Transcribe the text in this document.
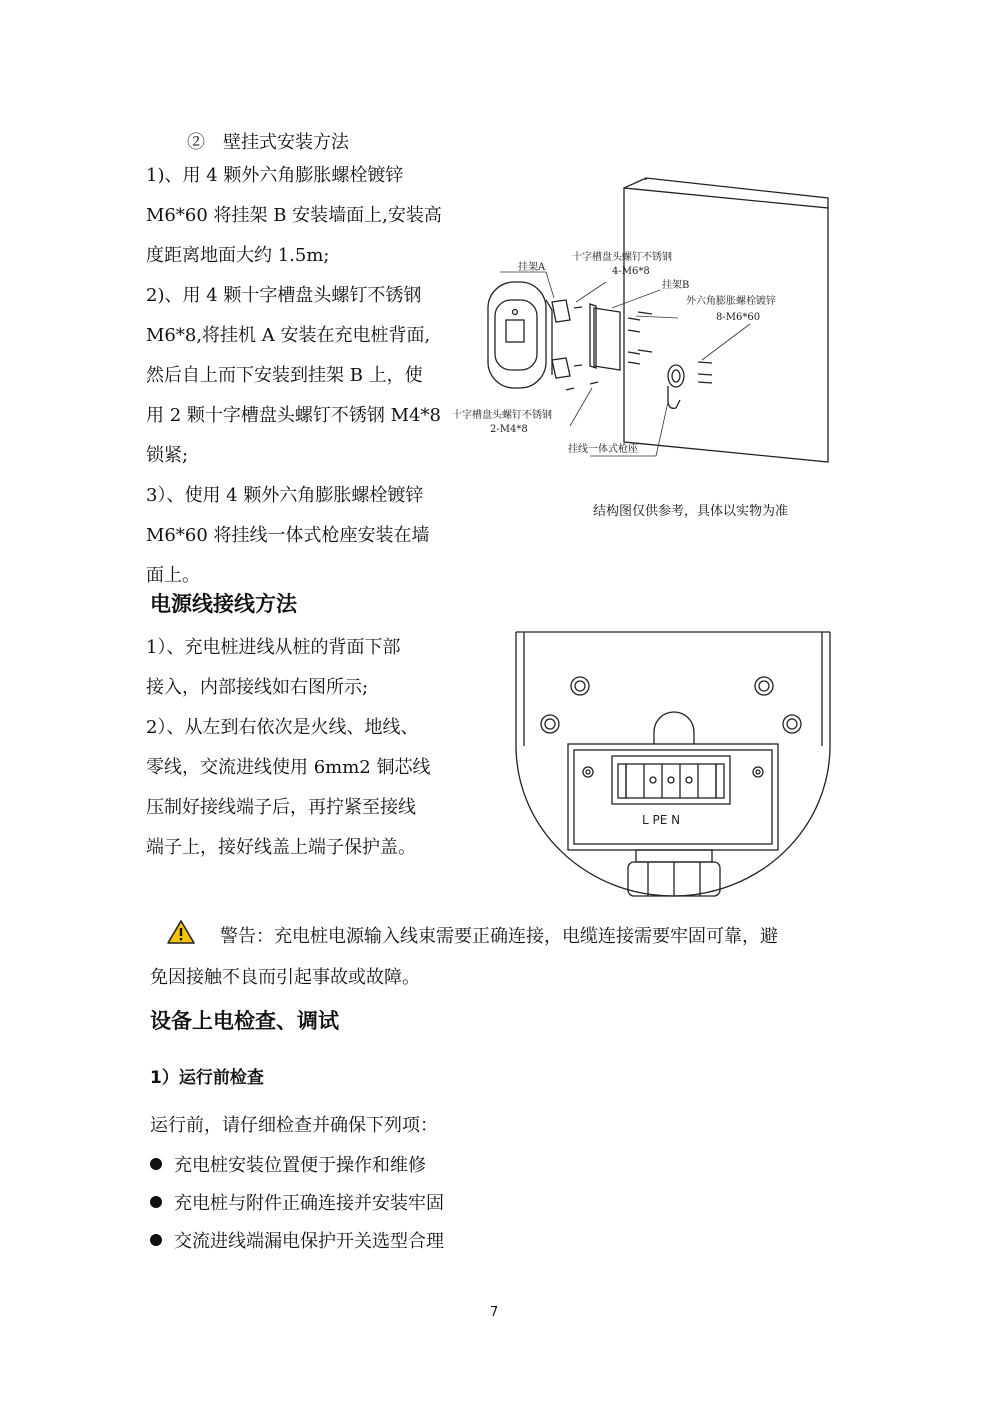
②　壁挂式安装方法
1)、用 4 颗外六角膨胀螺栓镀锌
M6*60 将挂架 B 安装墙面上,安装高
度距离地面大约 1.5m;
2)、用 4 颗十字槽盘头螺钉不锈钢
M6*8,将挂机 A 安装在充电桩背面,
然后自上而下安装到挂架 B 上，使
用 2 颗十字槽盘头螺钉不锈钢 M4*8
锁紧;
3）、使用 4 颗外六角膨胀螺栓镀锌
M6*60 将挂线一体式枪座安装在墙
面上。
挂架A
十字槽盘头螺钉不锈钢
4-M6*8
挂架B
外六角膨胀螺栓镀锌
8-M6*60
十字槽盘头螺钉不锈钢
2-M4*8
挂线一体式枪座
结构图仅供参考，具体以实物为准
电源线接线方法
1）、充电桩进线从桩的背面下部
接入，内部接线如右图所示;
2）、从左到右依次是火线、地线、
零线，交流进线使用 6mm2 铜芯线
压制好接线端子后，再拧紧至接线
端子上，接好线盖上端子保护盖。
L PE N
警告：充电桩电源输入线束需要正确连接，电缆连接需要牢固可靠，避
免因接触不良而引起事故或故障。
设备上电检查、调试
1）运行前检查
运行前，请仔细检查并确保下列项：
充电桩安装位置便于操作和维修
充电桩与附件正确连接并安装牢固
交流进线端漏电保护开关选型合理
7
